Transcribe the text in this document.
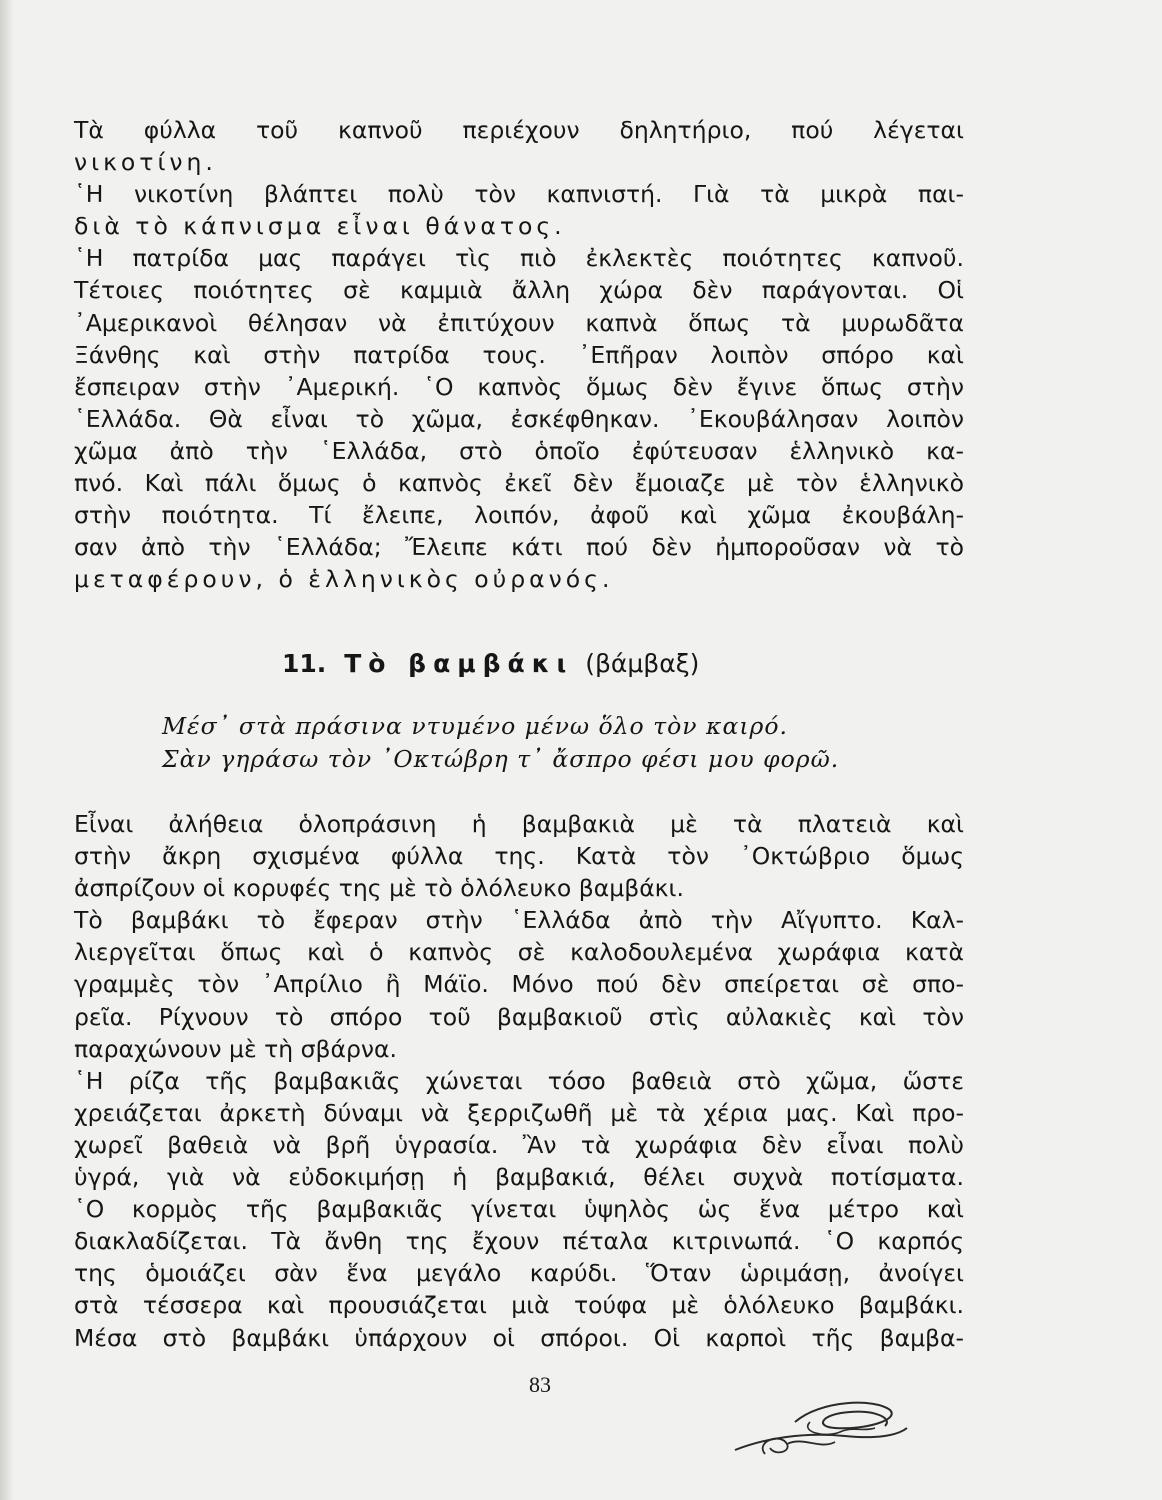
Τὰ φύλλα τοῦ καπνοῦ περιέχουν δηλητήριο, πού λέγεται
νικοτίνη.
῾Η νικοτίνη βλάπτει πολὺ τὸν καπνιστή. Γιὰ τὰ μικρὰ παι-
διὰ τὸ κάπνισμα εἶναι θάνατος.
῾Η πατρίδα μας παράγει τὶς πιὸ ἐκλεκτὲς ποιότητες καπνοῦ.
Τέτοιες ποιότητες σὲ καμμιὰ ἄλλη χώρα δὲν παράγονται. Οἱ
᾿Αμερικανοὶ θέλησαν νὰ ἐπιτύχουν καπνὰ ὅπως τὰ μυρωδᾶτα
Ξάνθης καὶ στὴν πατρίδα τους. ᾿Επῆραν λοιπὸν σπόρο καὶ
ἔσπειραν στὴν ᾿Αμερική. ῾Ο καπνὸς ὅμως δὲν ἔγινε ὅπως στὴν
῾Ελλάδα. Θὰ εἶναι τὸ χῶμα, ἐσκέφθηκαν. ᾿Εκουβάλησαν λοιπὸν
χῶμα ἀπὸ τὴν ῾Ελλάδα, στὸ ὁποῖο ἐφύτευσαν ἑλληνικὸ κα-
πνό. Καὶ πάλι ὅμως ὁ καπνὸς ἐκεῖ δὲν ἔμοιαζε μὲ τὸν ἑλληνικὸ
στὴν ποιότητα. Τί ἔλειπε, λοιπόν, ἀφοῦ καὶ χῶμα ἐκουβάλη-
σαν ἀπὸ τὴν ῾Ελλάδα; Ἔλειπε κάτι πού δὲν ἠμποροῦσαν νὰ τὸ
μεταφέρουν, ὁ ἑλληνικὸς οὐρανός.
11. Τὸ βαμβάκι (βάμβαξ)
Μέσ᾿ στὰ πράσινα ντυμένο μένω ὅλο τὸν καιρό.
Σὰν γηράσω τὸν ᾿Οκτώβρη τ᾿ ἄσπρο φέσι μου φορῶ.
Εἶναι ἀλήθεια ὁλοπράσινη ἡ βαμβακιὰ μὲ τὰ πλατειὰ καὶ
στὴν ἄκρη σχισμένα φύλλα της. Κατὰ τὸν ᾿Οκτώβριο ὅμως
ἀσπρίζουν οἱ κορυφές της μὲ τὸ ὁλόλευκο βαμβάκι.
Τὸ βαμβάκι τὸ ἔφεραν στὴν ῾Ελλάδα ἀπὸ τὴν Αἴγυπτο. Καλ-
λιεργεῖται ὅπως καὶ ὁ καπνὸς σὲ καλοδουλεμένα χωράφια κατὰ
γραμμὲς τὸν ᾿Απρίλιο ἢ Μάϊο. Μόνο πού δὲν σπείρεται σὲ σπο-
ρεῖα. Ρίχνουν τὸ σπόρο τοῦ βαμβακιοῦ στὶς αὐλακιὲς καὶ τὸν
παραχώνουν μὲ τὴ σβάρνα.
῾Η ρίζα τῆς βαμβακιᾶς χώνεται τόσο βαθειὰ στὸ χῶμα, ὥστε
χρειάζεται ἀρκετὴ δύναμι νὰ ξερριζωθῆ μὲ τὰ χέρια μας. Καὶ προ-
χωρεῖ βαθειὰ νὰ βρῆ ὑγρασία. Ἂν τὰ χωράφια δὲν εἶναι πολὺ
ὑγρά, γιὰ νὰ εὐδοκιμήσῃ ἡ βαμβακιά, θέλει συχνὰ ποτίσματα.
῾Ο κορμὸς τῆς βαμβακιᾶς γίνεται ὑψηλὸς ὡς ἕνα μέτρο καὶ
διακλαδίζεται. Τὰ ἄνθη της ἔχουν πέταλα κιτρινωπά. ῾Ο καρπός
της ὁμοιάζει σὰν ἕνα μεγάλο καρύδι. Ὅταν ὡριμάσῃ, ἀνοίγει
στὰ τέσσερα καὶ προυσιάζεται μιὰ τούφα μὲ ὁλόλευκο βαμβάκι.
Μέσα στὸ βαμβάκι ὑπάρχουν οἱ σπόροι. Οἱ καρποὶ τῆς βαμβα-
83
